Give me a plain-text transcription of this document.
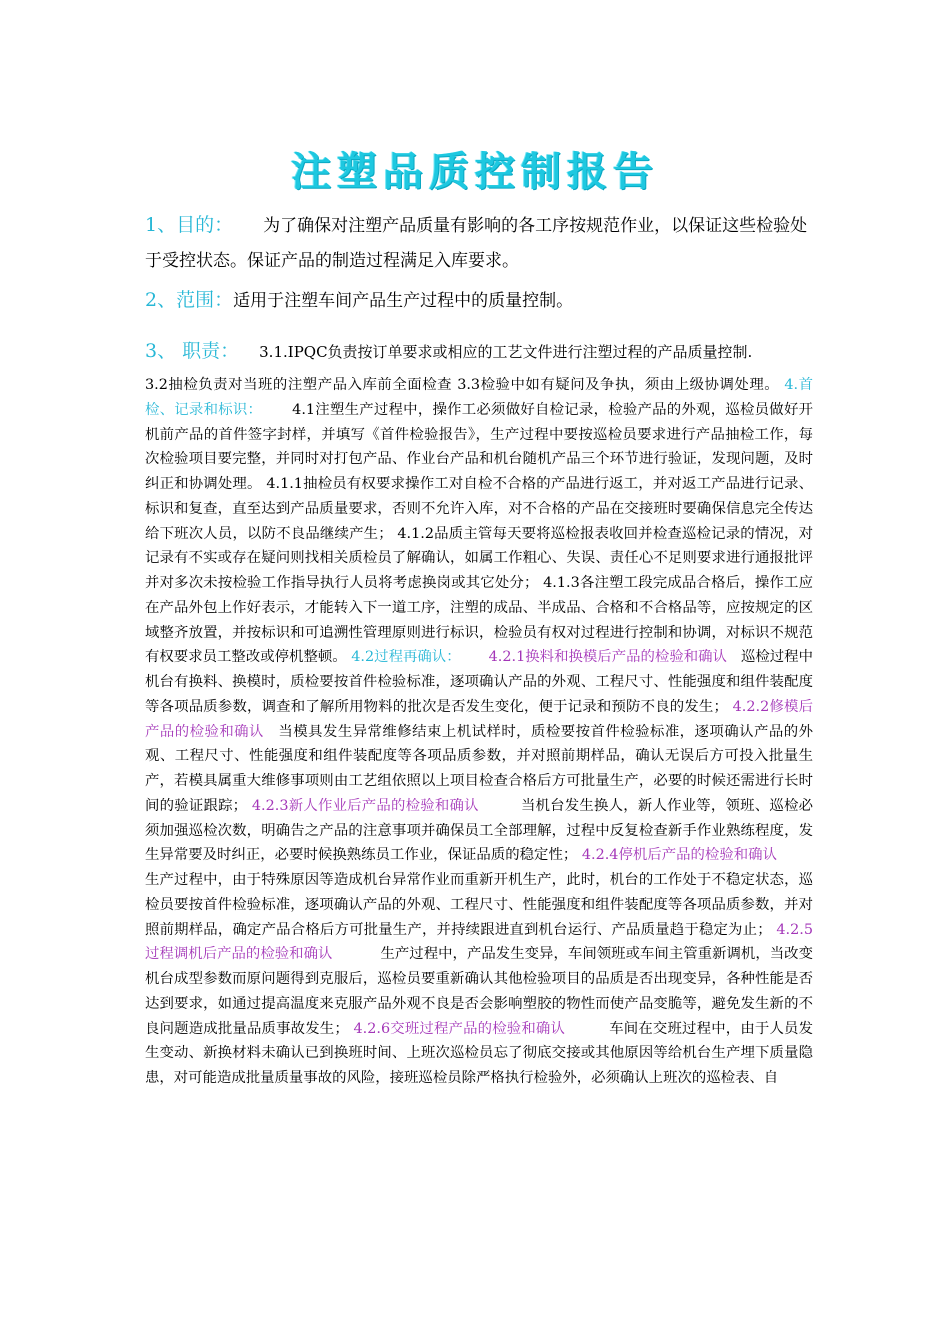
注塑品质控制报告
1、目的： 为了确保对注塑产品质量有影响的各工序按规范作业，以保证这些检验处于受控状态。保证产品的制造过程满足入库要求。
2、范围：适用于注塑车间产品生产过程中的质量控制。
3、 职责： 3.1.IPQC负责按订单要求或相应的工艺文件进行注塑过程的产品质量控制.
3.2抽检负责对当班的注塑产品入库前全面检查 3.3检验中如有疑问及争执，须由上级协调处理。 4.首检、记录和标识： 4.1注塑生产过程中，操作工必须做好自检记录，检验产品的外观，巡检员做好开机前产品的首件签字封样，并填写《首件检验报告》，生产过程中要按巡检员要求进行产品抽检工作，每次检验项目要完整，并同时对打包产品、作业台产品和机台随机产品三个环节进行验证，发现问题，及时纠正和协调处理。 4.1.1抽检员有权要求操作工对自检不合格的产品进行返工，并对返工产品进行记录、标识和复查，直至达到产品质量要求，否则不允许入库，对不合格的产品在交接班时要确保信息完全传达给下班次人员，以防不良品继续产生； 4.1.2品质主管每天要将巡检报表收回并检查巡检记录的情况，对记录有不实或存在疑问则找相关质检员了解确认，如属工作粗心、失误、责任心不足则要求进行通报批评并对多次未按检验工作指导执行人员将考虑换岗或其它处分； 4.1.3各注塑工段完成品合格后，操作工应在产品外包上作好表示，才能转入下一道工序，注塑的成品、半成品、合格和不合格品等，应按规定的区域整齐放置，并按标识和可追溯性管理原则进行标识，检验员有权对过程进行控制和协调，对标识不规范有权要求员工整改或停机整顿。 4.2过程再确认： 4.2.1换料和换模后产品的检验和确认 巡检过程中机台有换料、换模时，质检要按首件检验标准，逐项确认产品的外观、工程尺寸、性能强度和组件装配度等各项品质参数，调查和了解所用物料的批次是否发生变化，便于记录和预防不良的发生； 4.2.2修模后产品的检验和确认 当模具发生异常维修结束上机试样时，质检要按首件检验标准，逐项确认产品的外观、工程尺寸、性能强度和组件装配度等各项品质参数，并对照前期样品，确认无误后方可投入批量生产，若模具属重大维修事项则由工艺组依照以上项目检查合格后方可批量生产，必要的时候还需进行长时间的验证跟踪； 4.2.3新人作业后产品的检验和确认	当机台发生换人，新人作业等，领班、巡检必须加强巡检次数，明确告之产品的注意事项并确保员工全部理解，过程中反复检查新手作业熟练程度，发生异常要及时纠正，必要时候换熟练员工作业，保证品质的稳定性； 4.2.4停机后产品的检验和确认生产过程中，由于特殊原因等造成机台异常作业而重新开机生产，此时，机台的工作处于不稳定状态，巡检员要按首件检验标准，逐项确认产品的外观、工程尺寸、性能强度和组件装配度等各项品质参数，并对照前期样品，确定产品合格后方可批量生产，并持续跟进直到机台运行、产品质量趋于稳定为止； 4.2.5过程调机后产品的检验和确认	生产过程中，产品发生变异，车间领班或车间主管重新调机，当改变机台成型参数而原问题得到克服后，巡检员要重新确认其他检验项目的品质是否出现变异，各种性能是否达到要求，如通过提高温度来克服产品外观不良是否会影响塑胶的物性而使产品变脆等，避免发生新的不良问题造成批量品质事故发生； 4.2.6交班过程产品的检验和确认	车间在交班过程中，由于人员发生变动、新换材料未确认已到换班时间、上班次巡检员忘了彻底交接或其他原因等给机台生产埋下质量隐患，对可能造成批量质量事故的风险，接班巡检员除严格执行检验外，必须确认上班次的巡检表、自
